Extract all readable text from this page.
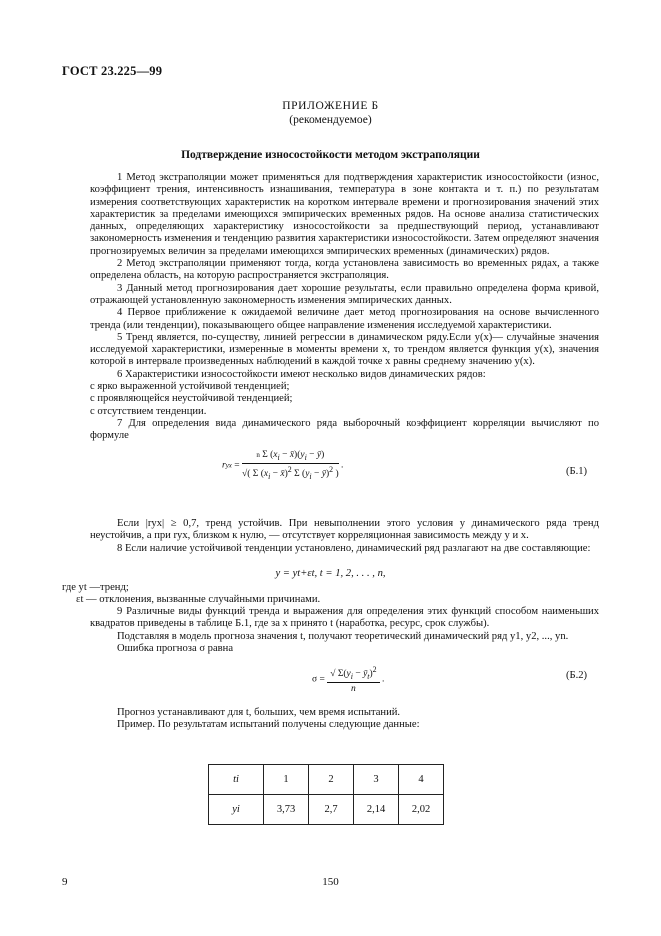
ГОСТ 23.225—99
ПРИЛОЖЕНИЕ Б
(рекомендуемое)
Подтверждение износостойкости методом экстраполяции

1 Метод экстраполяции может применяться для подтверждения характеристик износостойкости (износ, коэффициент трения, интенсивность изнашивания, температура в зоне контакта и т. п.) по результатам измерения соответствующих характеристик на коротком интервале времени и прогнозирования значений этих характеристик за пределами имеющихся эмпирических временных рядов. На основе анализа статистических данных, определяющих характеристику износостойкости за предшествующий период, устанавливают закономерность изменения и тенденцию развития характеристики износостойкости. Затем определяют значения прогнозируемых величин за пределами имеющихся эмпирических временных (динамических) рядов.

2 Метод экстраполяции применяют тогда, когда установлена зависимость во временных рядах, а также определена область, на которую распространяется экстраполяция.

3 Данный метод прогнозирования дает хорошие результаты, если правильно определена форма кривой, отражающей установленную закономерность изменения эмпирических данных.

4 Первое приближение к ожидаемой величине дает метод прогнозирования на основе вычисленного тренда (или тенденции), показывающего общее направление изменения исследуемой характеристики.

5 Тренд является, по-существу, линией регрессии в динамическом ряду.Если y(x)— случайные значения исследуемой характеристики, измеренные в моменты времени x, то трендом является функция y(x), значения которой в интервале произведенных наблюдений в каждой точке x равны среднему значению y(x).

6 Характеристики износостойкости имеют несколько видов динамических рядов:

с ярко выраженной устойчивой тенденцией;

с проявляющейся неустойчивой тенденцией;

с отсутствием тенденции.

7 Для определения вида динамического ряда выборочный коэффициент корреляции вычисляют по формуле

ryx = $\frac{n \Sigma (x_i - x̄)(y_i - ȳ)}{√( \Sigma (x_i - x̄)^2 \Sigma (y_i - ȳ)^2 )}$ .
(Б.1)

Если |ryx| ≥ 0,7, тренд устойчив. При невыполнении этого условия у динамического ряда тренд неустойчив, а при ryx, близком к нулю, — отсутствует корреляционная зависимость между y и x.

8 Если наличие устойчивой тенденции установлено, динамический ряд разлагают на две составляющие:

y = yt+εt, t = 1, 2, . . . , n,

где yt —тренд;

εt — отклонения, вызванные случайными причинами.

9 Различные виды функций тренда и выражения для определения этих функций способом наименьших квадратов приведены в таблице Б.1, где за x принято t (наработка, ресурс, срок службы).

Подставляя в модель прогноза значения t, получают теоретический динамический ряд y1, y2, ..., yn.

Ошибка прогноза σ равна

$\sigma = \frac{√ \Sigma(y_i - ȳ_t)^2}{n}$ .	(Б.2)

Прогноз устанавливают для t, больших, чем время испытаний.

Пример. По результатам испытаний получены следующие данные:

ti	1	2	3	4
yi	3,73	2,7	2,14	2,02
9	150
